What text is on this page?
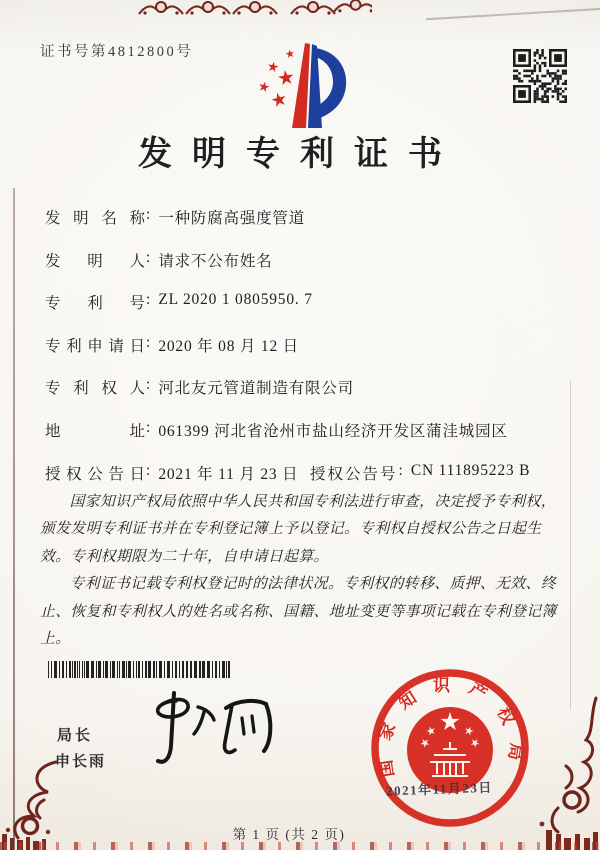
证书号第4812800号
发明专利证书
发明名称 : 一种防腐高强度管道
发明人 : 请求不公布姓名
专利号 : ZL 2020 1 0805950. 7
专利申请日 : 2020 年 08 月 12 日
专利权人 : 河北友元管道制造有限公司
地址 : 061399 河北省沧州市盐山经济开发区蒲洼城园区
授权公告日 : 2021 年 11 月 23 日 授权公告号 : CN 111895223 B

国家知识产权局依照中华人民共和国专利法进行审查，决定授予专利权，颁发发明专利证书并在专利登记簿上予以登记。专利权自授权公告之日起生效。专利权期限为二十年，自申请日起算。

专利证书记载专利权登记时的法律状况。专利权的转移、质押、无效、终止、恢复和专利权人的姓名或名称、国籍、地址变更等事项记载在专利登记簿上。

局长
申长雨
2021年11月23日
国家知识产权局
第 1 页 (共 2 页)
